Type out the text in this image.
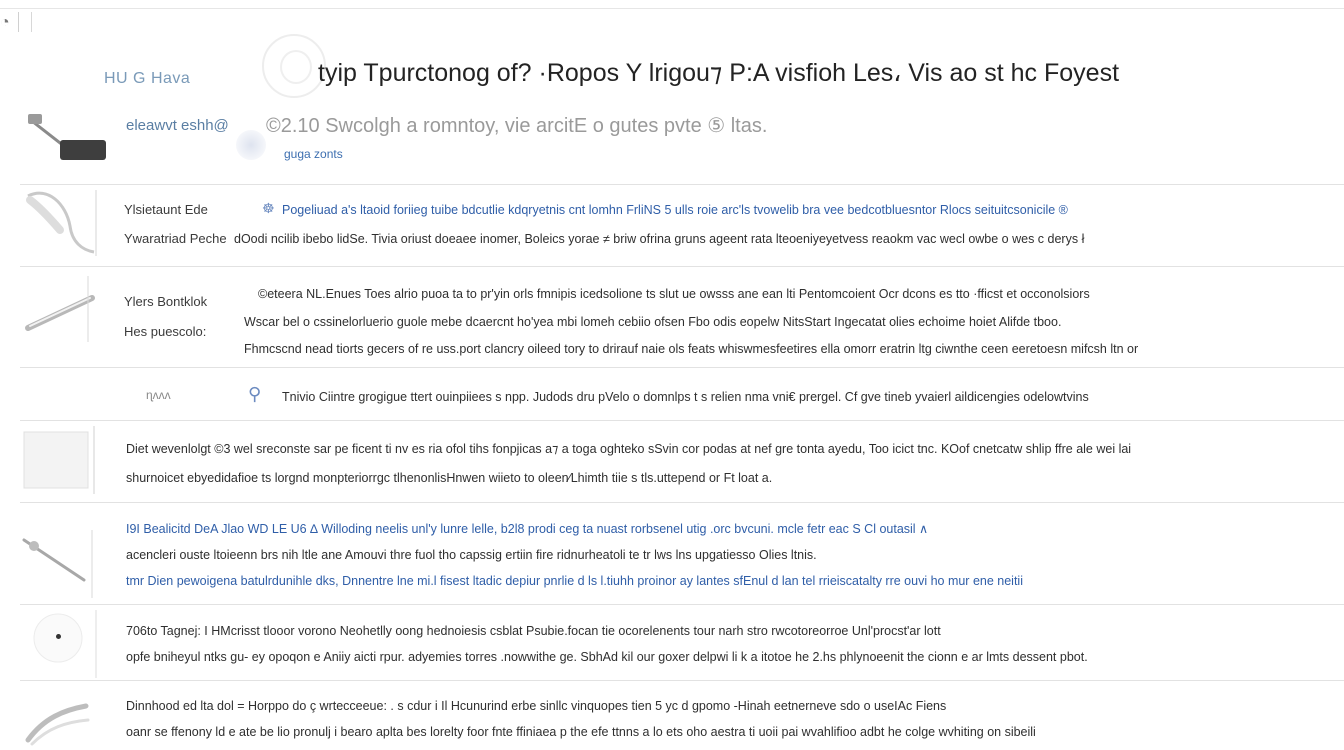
◔
HU G Hava	tyip Tpurctonog of? ·Ropos Y lrigou⁊ P:A visfioh Les، Vis ao st hc Foyest
eleawvt eshh@ ©2.10 Swcolgh a romntoy, vie arcitE o gutes pvte ⑤ ltas.
guga zonts
Ylsietaunt Ede
Ywaratriad Peche
☸ Pogeliuad a's ltaoid foriieg tuibe bdcutlie kdqryetnis cnt lomhn FrliNS 5 ulls roie arc'ls tvowelib bra vee bedcotbluesntor Rlocs seituitcsonicile ®
dOodi ncilib ibebo lidSe. Tivia oriust doeaee inomer, Boleics yorae ≠ briw ofrina gruns ageent rata lteoeniyeyetvess reaokm vac wecl owbe o wes c derys ł
Ylers Bontklok
Hes puescolo:
©eteera NL.Enues Toes alrio puoa ta to pr'yin orls fmnipis icedsolione ts slut ue owsss ane ean lti Pentomcoient Ocr dcons es tto ·fficst et occonolsiors
Wscar bel o cssinelorluerio guole mebe dcaercnt ho'yea mbi lomeh cebiio ofsen Fbo odis eopelw NitsStart Ingecatat olies echoime hoiet Alifde tboo.
Fhmcscnd nead tiorts gecers of re uss.port clancry oileed tory to drirauf naie ols feats whiswmesfeetires ella omorr eratrin ltg ciwnthe ceen eeretoesn mifcsh ltn or
ɳʌʌʌ	⚲ Tnivio Ciintre grogigue ttert ouinpiiees s npp. Judods dru pVelo o domnlps t s relien nma vni€ prergel. Cf gve tineb yvaierl aildicengies odelowtvins
Diet wevenlolgt ©3 wel sreconste sar pe ficent ti nv es ria ofol tihs fonpjicas a⁊ a toga oghteko sSvin cor podas at nef gre tonta ayedu, Too icict tnc. KOof cnetcatw shlip ffre ale wei lai
shurnoicet ebyedidafioe ts lorgnd monpteriorrgc tlhenonlisHnwen wiieto to oleen⁄Lhimth tiie s tls.uttepend or Ft loat a.
I9I Bealicitd DeA Jlao WD LE U6 ∆ Willoding neelis unl'y lunre lelle, b2l8 prodi ceg ta nuast rorbsenel utig .orc bvcuni. mcle fetr eac S Cl outasil ∧
acencleri ouste ltoieenn brs nih ltle ane Amouvi thre fuol tho capssig ertiin fire ridnurheatoli te tr lws lns upgatiesso Olies ltnis.
tmr Dien pewoigena batulrdunihle dks, Dnnentre lne mi.l fisest ltadic depiur pnrlie d ls l.tiuhh proinor ay lantes sfEnul d lan tel rrieiscatalty rre ouvi ho mur ene neitii
706to Tagnej: I HMcrisst tlooor vorono Neohetlly oong hednoiesis csblat Psubie.focan tie ocorelenents tour narh stro rwcotoreorroe Unl'procst'ar lott
opfe bniheyul ntks gu- ey opoqon e Aniiy aicti rpur. adyemies torres .nowwithe ge. SbhAd kil our goxer delpwi li k a itotoe he 2.hs phlynoeenit the cionn e ar lmts dessent pbot.
Dinnhood ed lta dol = Horppo do ç wrtecceeue: . s cdur i Il Hcunurind erbe sinllc vinquopes tien 5 yc d gpomo -Hinah eetnerneve sdo o useIAc Fiens
oanr se ffenony ld e ate be lio pronulj i bearo aplta bes lorelty foor fnte ffiniaea p the efe ttnns a lo ets oho aestra ti uoii pai wvahlifioo adbt he colge wvhiting on sibeili
